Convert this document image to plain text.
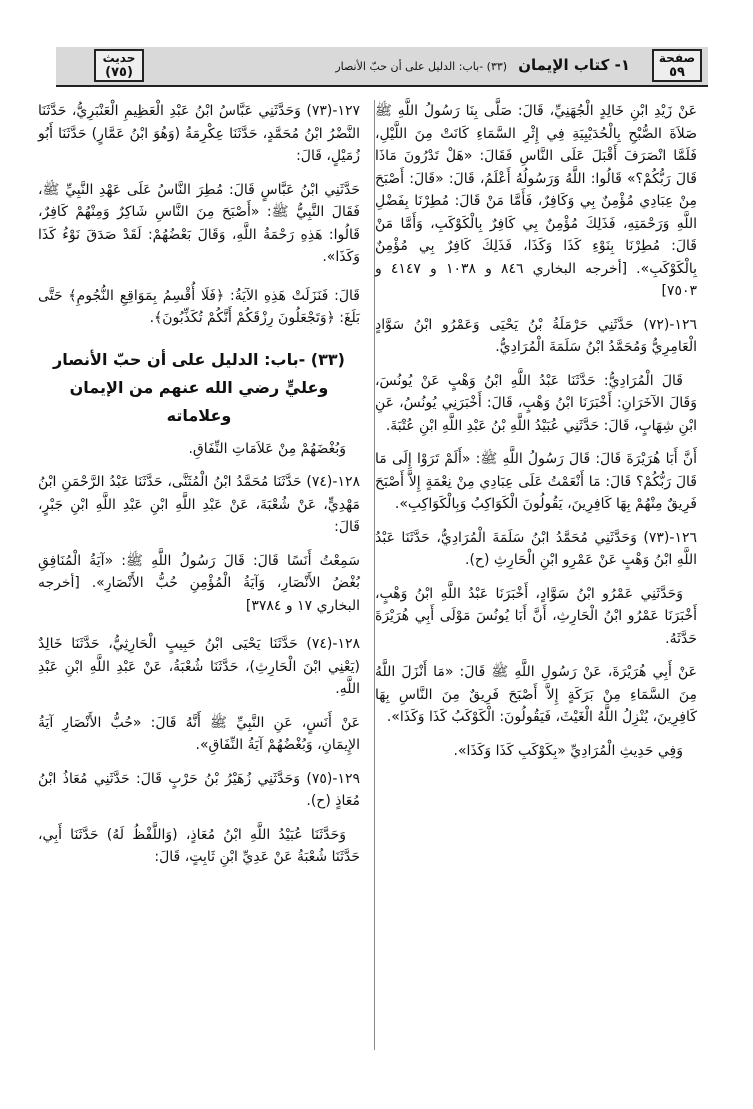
صفحة
٥٩
١- كتاب الإيمان (٣٣) -باب: الدليل على أن حبّ الأنصار
حديث
(٧٥)

عَنْ زَيْدِ ابْنِ خَالِدٍ الْجُهَنِيِّ، قَالَ: صَلَّى بِنَا رَسُولُ اللَّهِ ﷺ صَلاَةَ الصُّبْحِ بِالْحُدَيْبِيَةِ فِي إِثْرِ السَّمَاءِ كَانَتْ مِنَ اللَّيْلِ، فَلَمَّا انْصَرَفَ أَقْبَلَ عَلَى النَّاسِ فَقَالَ: «هَلْ تَدْرُونَ مَاذَا قَالَ رَبُّكُمْ؟» قَالُوا: اللَّهُ وَرَسُولُهُ أَعْلَمُ، قَالَ: «قَالَ: أَصْبَحَ مِنْ عِبَادِي مُؤْمِنٌ بِي وَكَافِرٌ، فَأَمَّا مَنْ قَالَ: مُطِرْنَا بِفَضْلِ اللَّهِ وَرَحْمَتِهِ، فَذَلِكَ مُؤْمِنٌ بِي كَافِرٌ بِالْكَوْكَبِ، وَأَمَّا مَنْ قَالَ: مُطِرْنَا بِنَوْءِ كَذَا وَكَذَا، فَذَلِكَ كَافِرٌ بِي مُؤْمِنٌ بِالْكَوْكَبِ». [أخرجه البخاري ٨٤٦ و ١٠٣٨ و ٤١٤٧ و ٧٥٠٣]

١٢٦-(٧٢) حَدَّثَنِي حَرْمَلَةُ بْنُ يَحْيَى وَعَمْرُو ابْنُ سَوَّادٍ الْعَامِرِيُّ وَمُحَمَّدُ ابْنُ سَلَمَةَ الْمُرَادِيُّ.

قَالَ الْمُرَادِيُّ: حَدَّثَنَا عَبْدُ اللَّهِ ابْنُ وَهْبٍ عَنْ يُونُسَ، وَقَالَ الآخَرَانِ: أَخْبَرَنَا ابْنُ وَهْبٍ، قَالَ: أَخْبَرَنِي يُونُسُ، عَنِ ابْنِ شِهَابٍ، قَالَ: حَدَّثَنِي عُبَيْدُ اللَّهِ بْنُ عَبْدِ اللَّهِ ابْنِ عُتْبَةَ.

أَنَّ أَبَا هُرَيْرَةَ قَالَ: قَالَ رَسُولُ اللَّهِ ﷺ: «أَلَمْ تَرَوْا إِلَى مَا قَالَ رَبُّكُمْ؟ قَالَ: مَا أَنْعَمْتُ عَلَى عِبَادِي مِنْ نِعْمَةٍ إِلاَّ أَصْبَحَ فَرِيقٌ مِنْهُمْ بِهَا كَافِرِينَ، يَقُولُونَ الْكَوَاكِبُ وَبِالْكَوَاكِبِ».

١٢٦-(٧٣) وَحَدَّثَنِي مُحَمَّدُ ابْنُ سَلَمَةَ الْمُرَادِيُّ، حَدَّثَنَا عَبْدُ اللَّهِ ابْنُ وَهْبٍ عَنْ عَمْرِو ابْنِ الْحَارِثِ (ح).

وَحَدَّثَنِي عَمْرُو ابْنُ سَوَّادٍ، أَخْبَرَنَا عَبْدُ اللَّهِ ابْنُ وَهْبٍ، أَخْبَرَنَا عَمْرُو ابْنُ الْحَارِثِ، أَنَّ أَبَا يُونُسَ مَوْلَى أَبِي هُرَيْرَةَ حَدَّثَهُ.

عَنْ أَبِي هُرَيْرَةَ، عَنْ رَسُولِ اللَّهِ ﷺ قَالَ: «مَا أَنْزَلَ اللَّهُ مِنَ السَّمَاءِ مِنْ بَرَكَةٍ إِلاَّ أَصْبَحَ فَرِيقٌ مِنَ النَّاسِ بِهَا كَافِرِينَ، يُنْزِلُ اللَّهُ الْغَيْثَ، فَيَقُولُونَ: الْكَوْكَبُ كَذَا وَكَذَا».

وَفِي حَدِيثِ الْمُرَادِيِّ «بِكَوْكَبِ كَذَا وَكَذَا».

١٢٧-(٧٣) وَحَدَّثَنِي عَبَّاسُ ابْنُ عَبْدِ الْعَظِيمِ الْعَنْبَرِيُّ، حَدَّثَنَا النَّضْرُ ابْنُ مُحَمَّدٍ، حَدَّثَنَا عِكْرِمَةُ (وَهُوَ ابْنُ عَمَّارٍ) حَدَّثَنَا أَبُو زُمَيْلٍ، قَالَ:

حَدَّثَنِي ابْنُ عَبَّاسٍ قَالَ: مُطِرَ النَّاسُ عَلَى عَهْدِ النَّبِيِّ ﷺ، فَقَالَ النَّبِيُّ ﷺ: «أَصْبَحَ مِنَ النَّاسِ شَاكِرٌ وَمِنْهُمْ كَافِرٌ، قَالُوا: هَذِهِ رَحْمَةُ اللَّهِ، وَقَالَ بَعْضُهُمْ: لَقَدْ صَدَقَ نَوْءُ كَذَا وَكَذَا».

قَالَ: فَنَزَلَتْ هَذِهِ الآيَةُ: ﴿فَلَا أُقْسِمُ بِمَوَاقِعِ النُّجُومِ﴾ حَتَّى بَلَغَ: ﴿وَتَجْعَلُونَ رِزْقَكُمْ أَنَّكُمْ تُكَذِّبُونَ﴾.

(٣٣) -باب: الدليل على أن حبّ الأنصار وعليٍّ رضي الله عنهم من الإيمان وعلاماته

وَبُغْضَهُمْ مِنْ عَلاَمَاتِ النِّفَاقِ.

١٢٨-(٧٤) حَدَّثَنَا مُحَمَّدُ ابْنُ الْمُثَنَّى، حَدَّثَنَا عَبْدُ الرَّحْمَنِ ابْنُ مَهْدِيٍّ، عَنْ شُعْبَةَ، عَنْ عَبْدِ اللَّهِ ابْنِ عَبْدِ اللَّهِ ابْنِ جَبْرٍ، قَالَ:

سَمِعْتُ أَنَسًا قَالَ: قَالَ رَسُولُ اللَّهِ ﷺ: «آيَةُ الْمُنَافِقِ بُغْضُ الأَنْصَارِ، وَآيَةُ الْمُؤْمِنِ حُبُّ الأَنْصَارِ». [أخرجه البخاري ١٧ و ٣٧٨٤]

١٢٨-(٧٤) حَدَّثَنَا يَحْيَى ابْنُ حَبِيبٍ الْحَارِثِيُّ، حَدَّثَنَا خَالِدٌ (يَعْنِي ابْنَ الْحَارِثِ)، حَدَّثَنَا شُعْبَةُ، عَنْ عَبْدِ اللَّهِ ابْنِ عَبْدِ اللَّهِ.

عَنْ أَنَسٍ، عَنِ النَّبِيِّ ﷺ أَنَّهُ قَالَ: «حُبُّ الأَنْصَارِ آيَةُ الإِيمَانِ، وَبُغْضُهُمْ آيَةُ النِّفَاقِ».

١٢٩-(٧٥) وَحَدَّثَنِي زُهَيْرُ بْنُ حَرْبٍ قَالَ: حَدَّثَنِي مُعَاذُ ابْنُ مُعَاذٍ (ح).

وَحَدَّثَنَا عُبَيْدُ اللَّهِ ابْنُ مُعَاذٍ، (وَاللَّفْظُ لَهُ) حَدَّثَنَا أَبِي، حَدَّثَنَا شُعْبَةُ عَنْ عَدِيِّ ابْنِ ثَابِتٍ، قَالَ:
